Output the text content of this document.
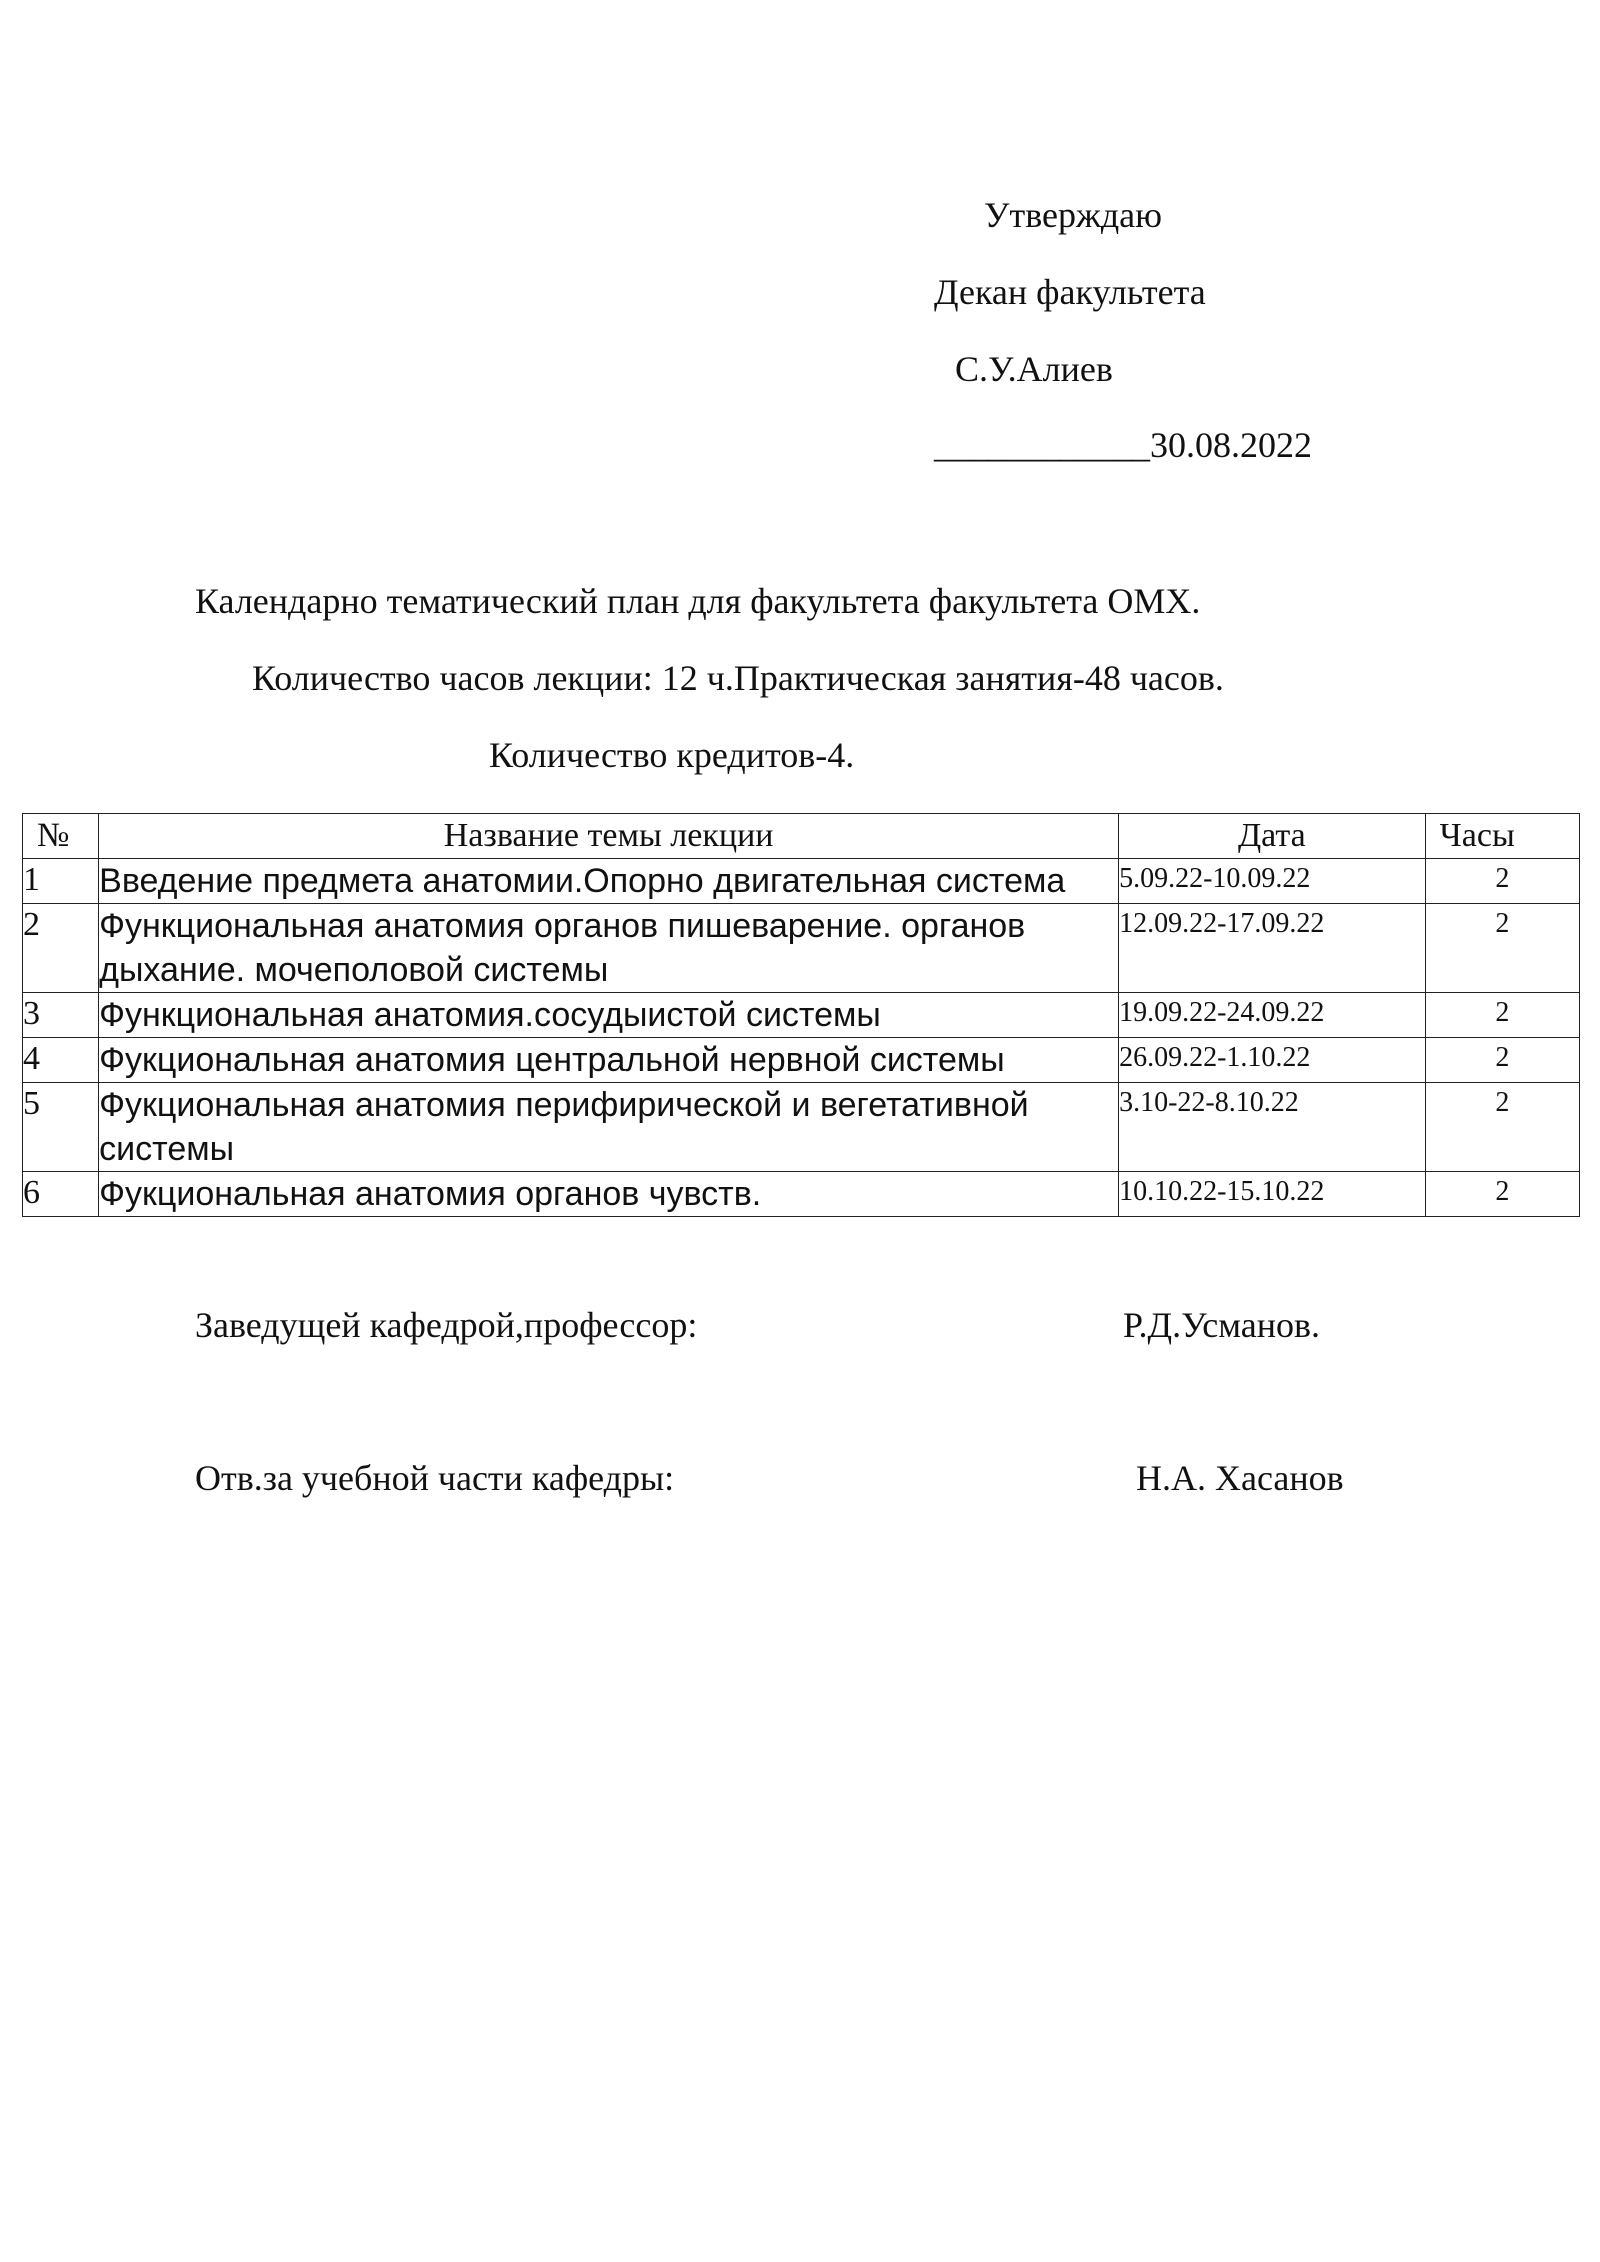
Утверждаю
Декан факультета
С.У.Алиев
____________30.08.2022
Календарно тематический план для факультета факультета ОМХ.
Количество часов лекции: 12 ч.Практическая занятия-48 часов.
Количество кредитов-4.
№	Название темы лекции	Дата	Часы
1	Введение предмета анатомии.Опорно двигательная система	5.09.22-10.09.22	2
2	Функциональная анатомия органов пишеварение. органов дыхание. мочеполовой системы	12.09.22-17.09.22	2
3	Функциональная анатомия.сосудыистой системы	19.09.22-24.09.22	2
4	Фукциональная анатомия центральной нервной системы	26.09.22-1.10.22	2
5	Фукциональная анатомия перифирической и вегетативной системы	3.10-22-8.10.22	2
6	Фукциональная анатомия органов чувств.	10.10.22-15.10.22	2
Заведущей кафедрой,профессор:	Р.Д.Усманов.
Отв.за учебной части кафедры:	Н.А. Хасанов
